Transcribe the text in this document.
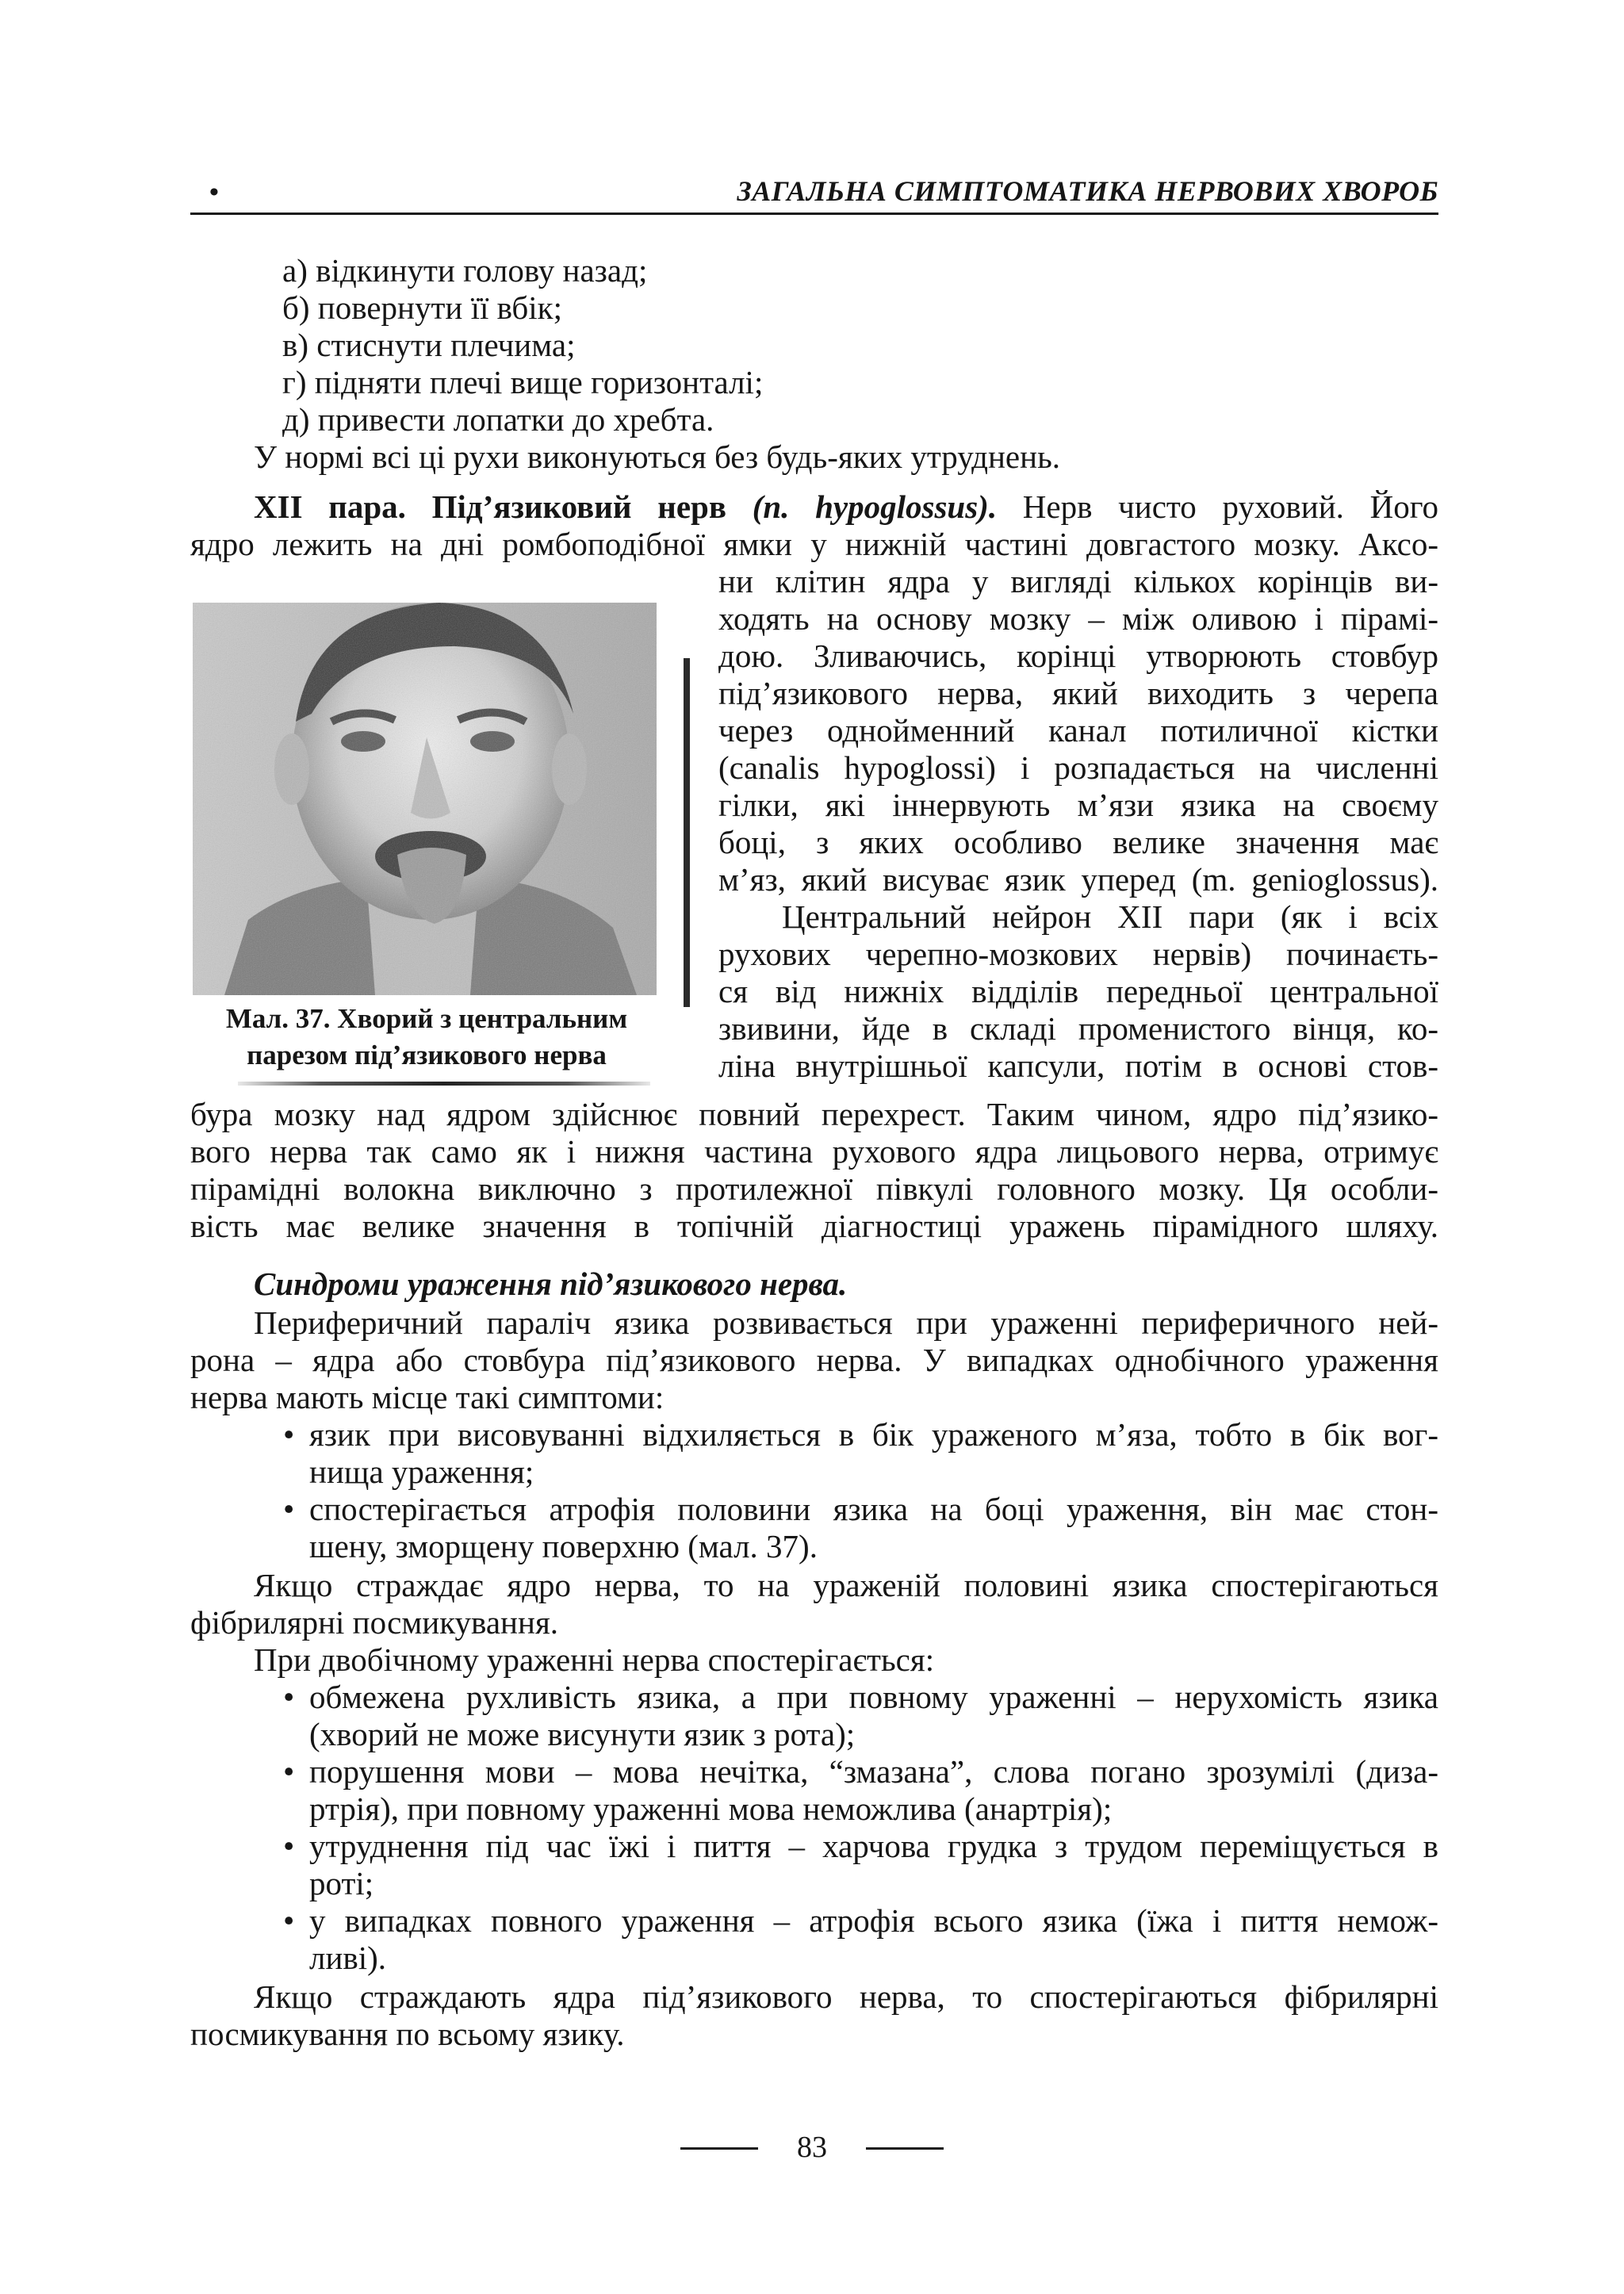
•	ЗАГАЛЬНА СИМПТОМАТИКА НЕРВОВИХ ХВОРОБ
а) відкинути голову назад;
б) повернути її вбік;
в) стиснути плечима;
г) підняти плечі вище горизонталі;
д) привести лопатки до хребта.
У нормі всі ці рухи виконуються без будь-яких утруднень.
XII пара. Під’язиковий нерв (n. hypoglossus). Нерв чисто руховий. Його
ядро лежить на дні ромбоподібної ямки у нижній частині довгастого мозку. Аксо-
ни клітин ядра у вигляді кількох корінців ви-
ходять на основу мозку – між оливою і пірамі-
дою. Зливаючись, корінці утворюють стовбур
під’язикового нерва, який виходить з черепа
через однойменний канал потиличної кістки
(canalis hypoglossi) і розпадається на численні
гілки, які іннервують м’язи язика на своєму
боці, з яких особливо велике значення має
м’яз, який висуває язик уперед (m. genioglossus).
Центральний нейрон XII пари (як і всіх
рухових черепно-мозкових нервів) починаєть-
ся від нижніх відділів передньої центральної
звивини, йде в складі променистого вінця, ко-
ліна внутрішньої капсули, потім в основі стов-
Мал. 37. Хворий з центральним
парезом під’язикового нерва
бура мозку над ядром здійснює повний перехрест. Таким чином, ядро під’язико-
вого нерва так само як і нижня частина рухового ядра лицьового нерва, отримує
пірамідні волокна виключно з протилежної півкулі головного мозку. Ця особли-
вість має велике значення в топічній діагностиці уражень пірамідного шляху.
Синдроми ураження під’язикового нерва.
Периферичний параліч язика розвивається при ураженні периферичного ней-
рона – ядра або стовбура під’язикового нерва. У випадках однобічного ураження
нерва мають місце такі симптоми:
• язик при висовуванні відхиляється в бік ураженого м’яза, тобто в бік вог-
нища ураження;
• спостерігається атрофія половини язика на боці ураження, він має стон-
шену, зморщену поверхню (мал. 37).
Якщо страждає ядро нерва, то на ураженій половині язика спостерігаються
фібрилярні посмикування.
При двобічному ураженні нерва спостерігається:
• обмежена рухливість язика, а при повному ураженні – нерухомість язика
(хворий не може висунути язик з рота);
• порушення мови – мова нечітка, “змазана”, слова погано зрозумілі (диза-
ртрія), при повному ураженні мова неможлива (анартрія);
• утруднення під час їжі і пиття – харчова грудка з трудом переміщується в
роті;
• у випадках повного ураження – атрофія всього язика (їжа і пиття немож-
ливі).
Якщо страждають ядра під’язикового нерва, то спостерігаються фібрилярні
посмикування по всьому язику.
83
